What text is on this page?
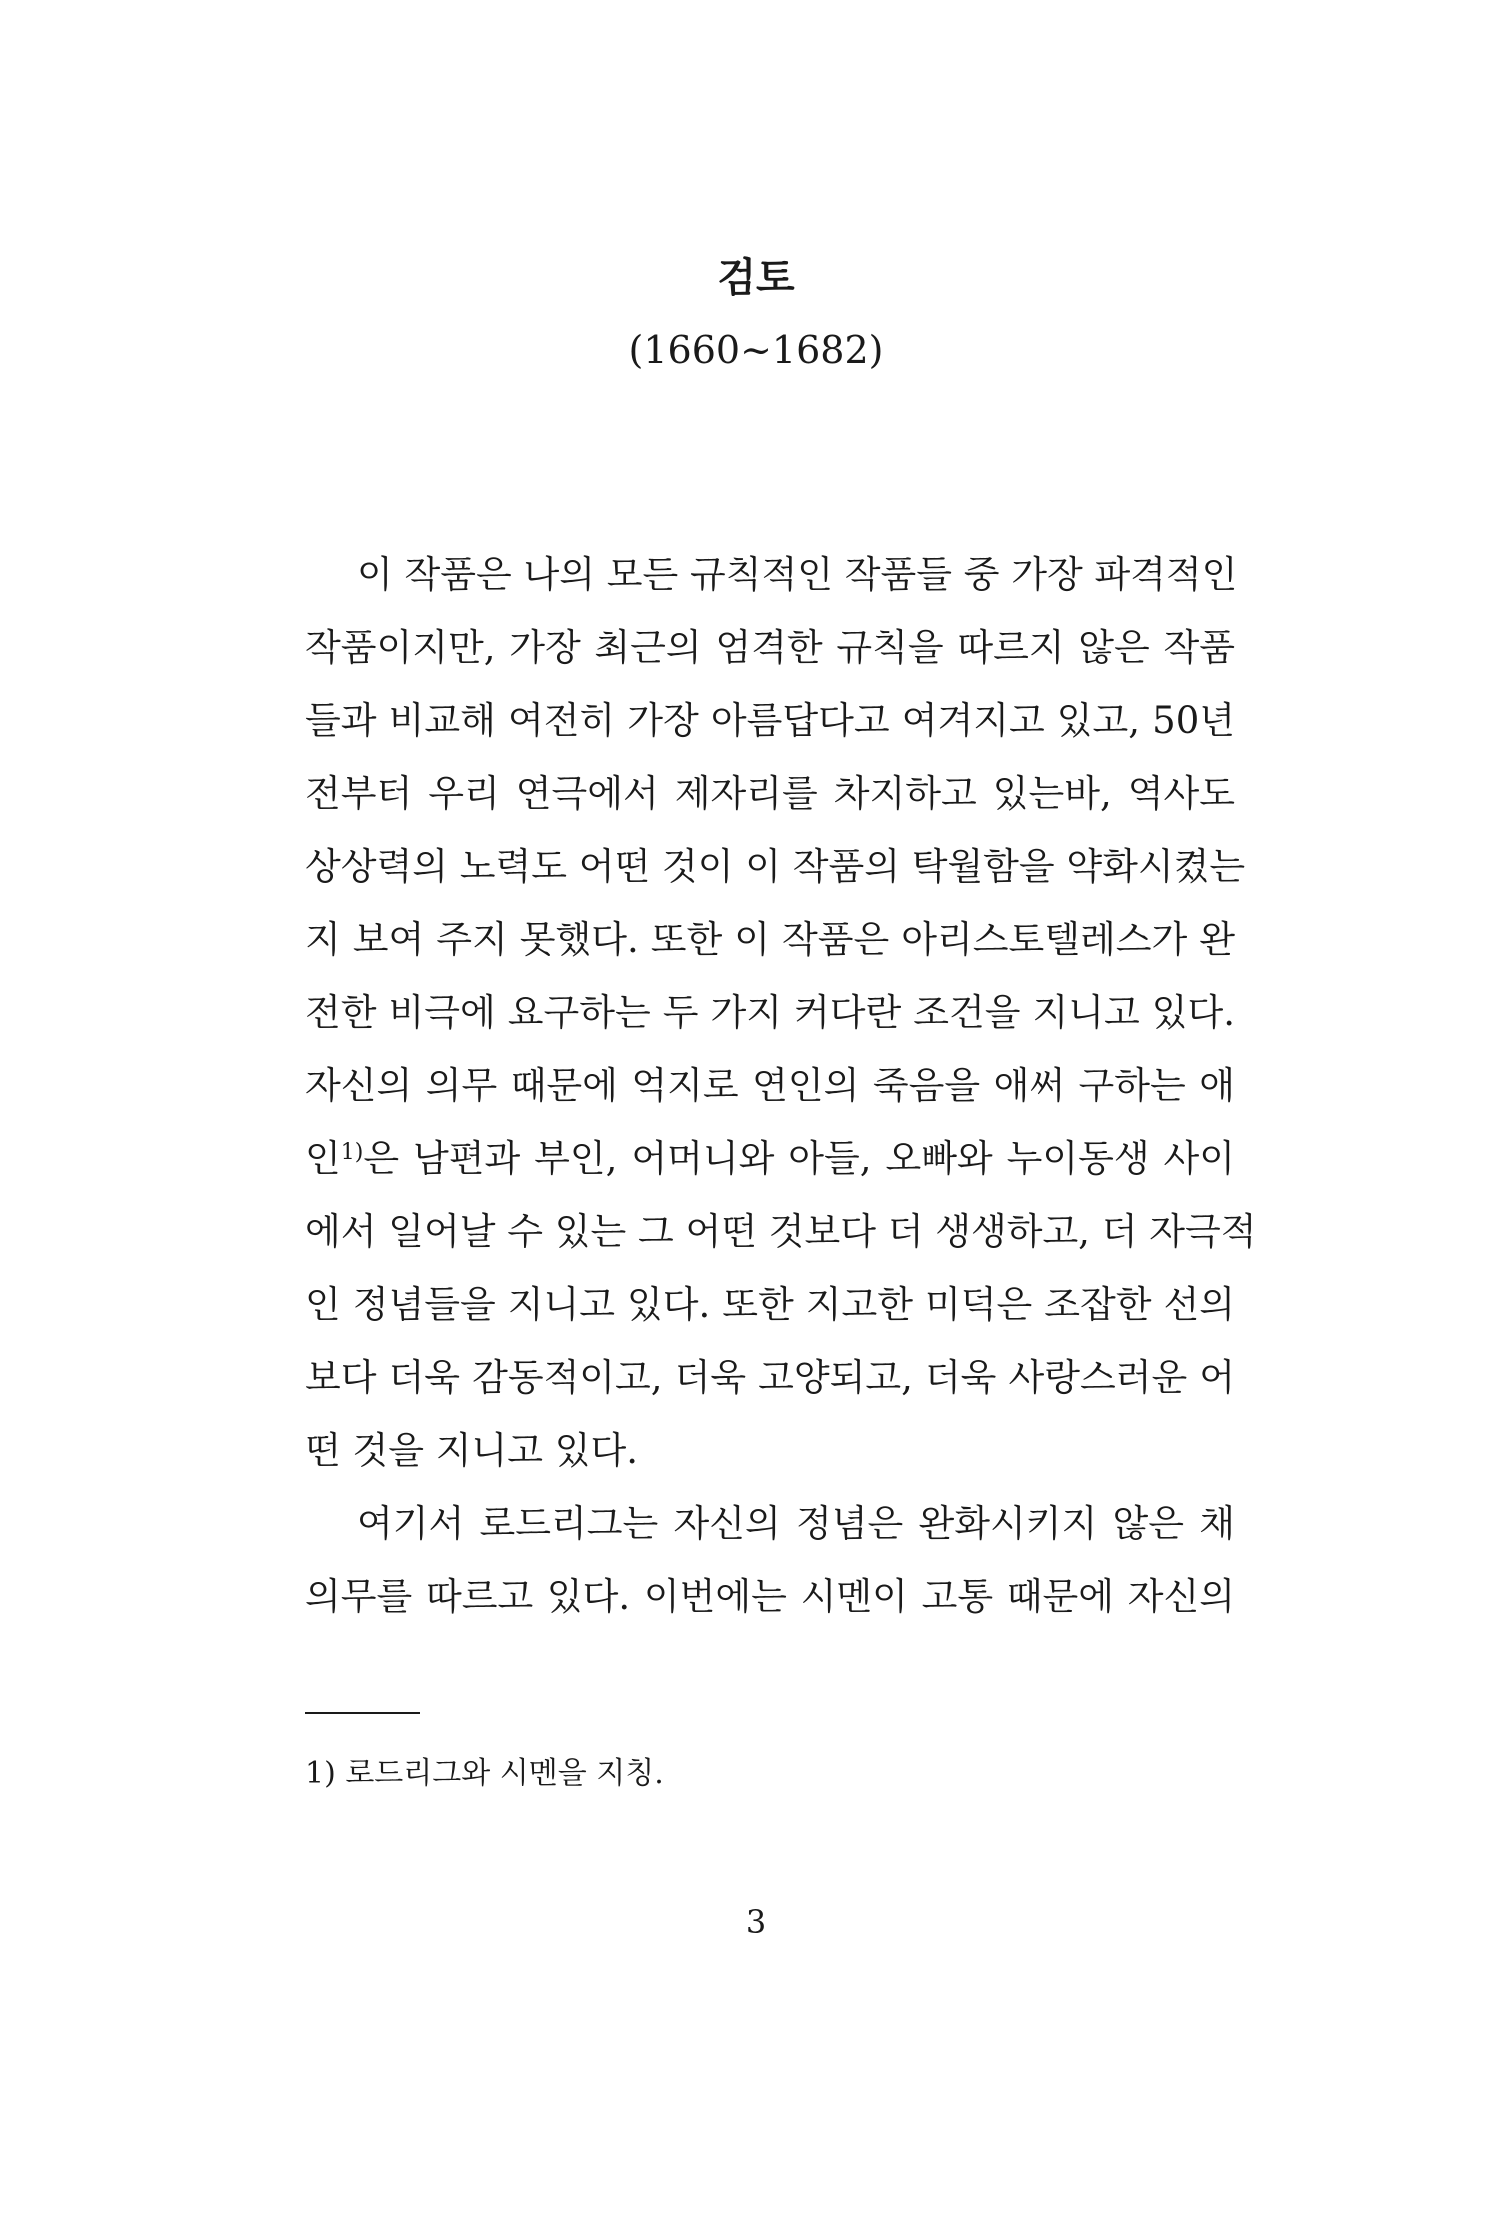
검토
(1660~1682)
이 작품은 나의 모든 규칙적인 작품들 중 가장 파격적인
작품이지만, 가장 최근의 엄격한 규칙을 따르지 않은 작품
들과 비교해 여전히 가장 아름답다고 여겨지고 있고, 50년
전부터 우리 연극에서 제자리를 차지하고 있는바, 역사도
상상력의 노력도 어떤 것이 이 작품의 탁월함을 약화시켰는
지 보여 주지 못했다. 또한 이 작품은 아리스토텔레스가 완
전한 비극에 요구하는 두 가지 커다란 조건을 지니고 있다.
자신의 의무 때문에 억지로 연인의 죽음을 애써 구하는 애
인$^{1)}$은 남편과 부인, 어머니와 아들, 오빠와 누이동생 사이
에서 일어날 수 있는 그 어떤 것보다 더 생생하고, 더 자극적
인 정념들을 지니고 있다. 또한 지고한 미덕은 조잡한 선의
보다 더욱 감동적이고, 더욱 고양되고, 더욱 사랑스러운 어
떤 것을 지니고 있다.
여기서 로드리그는 자신의 정념은 완화시키지 않은 채
의무를 따르고 있다. 이번에는 시멘이 고통 때문에 자신의
1) 로드리그와 시멘을 지칭.
3
